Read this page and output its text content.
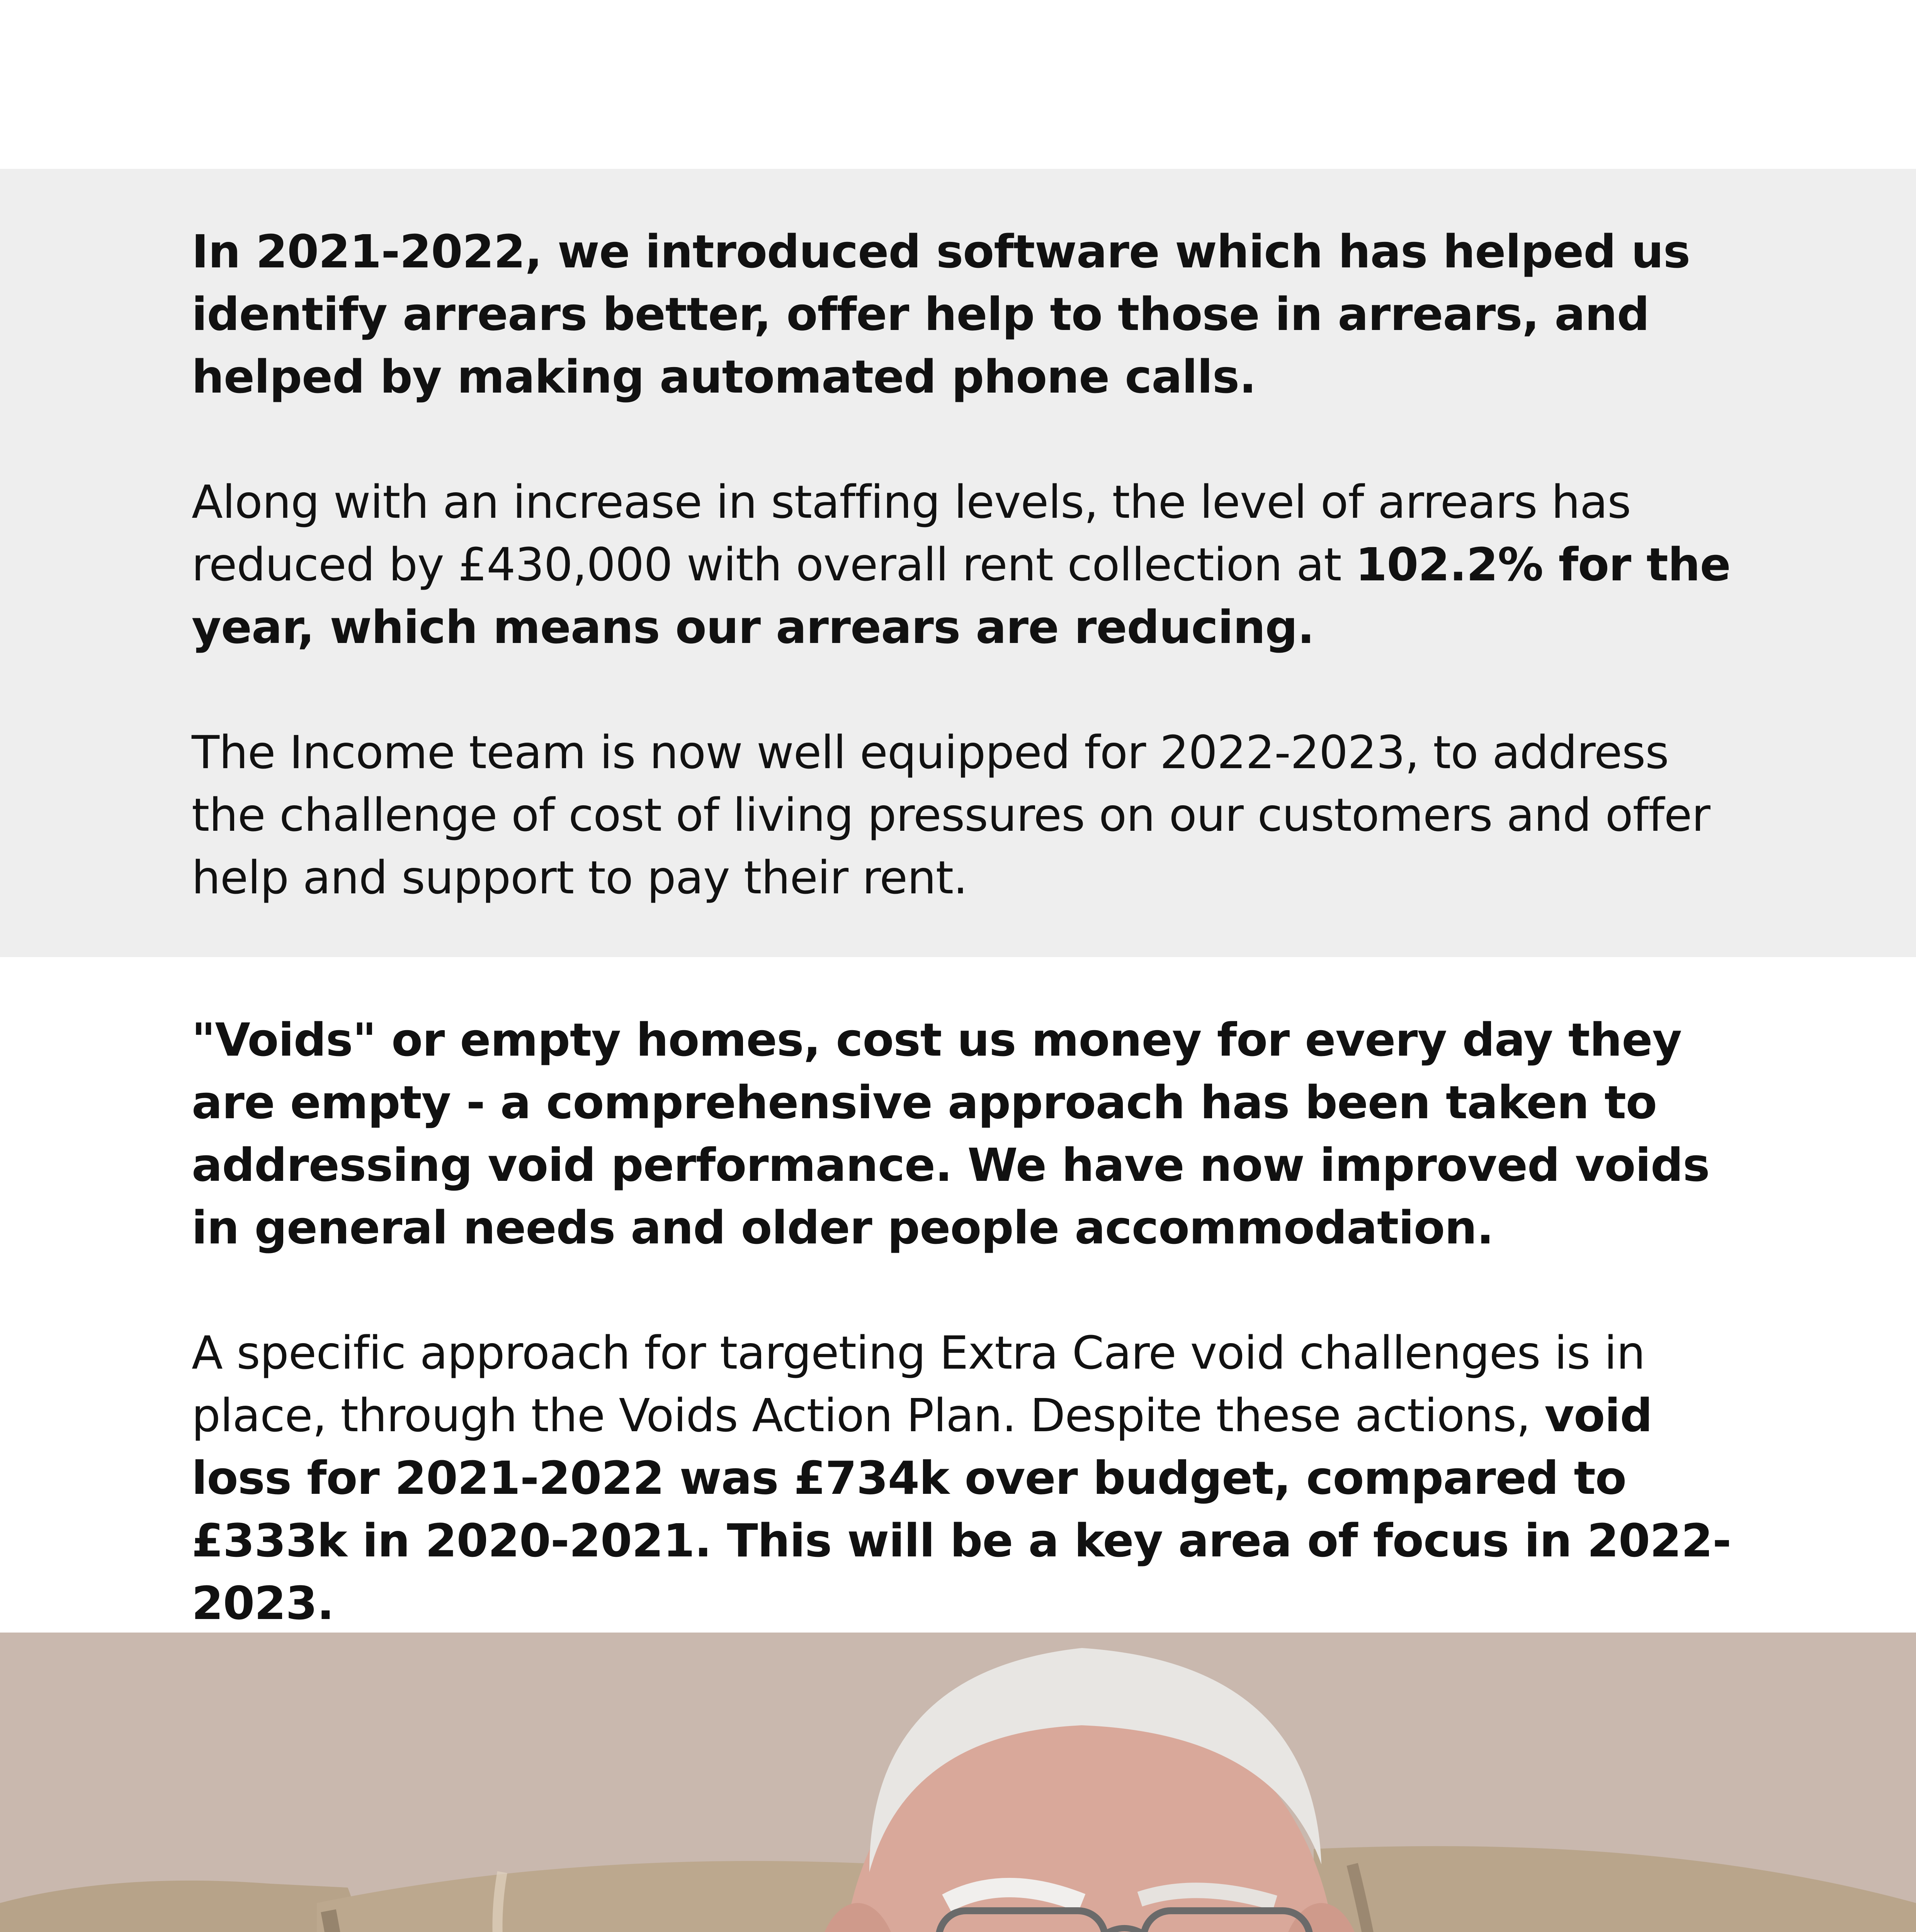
In 2021-2022, we introduced software which has helped us identify arrears better, offer help to those in arrears, and helped by making automated phone calls.

Along with an increase in staffing levels, the level of arrears has reduced by £430,000 with overall rent collection at 102.2% for the year, which means our arrears are reducing.

The Income team is now well equipped for 2022-2023, to address the challenge of cost of living pressures on our customers and offer help and support to pay their rent.

"Voids" or empty homes, cost us money for every day they are empty - a comprehensive approach has been taken to addressing void performance. We have now improved voids in general needs and older people accommodation.

A specific approach for targeting Extra Care void challenges is in place, through the Voids Action Plan. Despite these actions, void loss for 2021-2022 was £734k over budget, compared to £333k in 2020-2021. This will be a key area of focus in 2022-2023.
